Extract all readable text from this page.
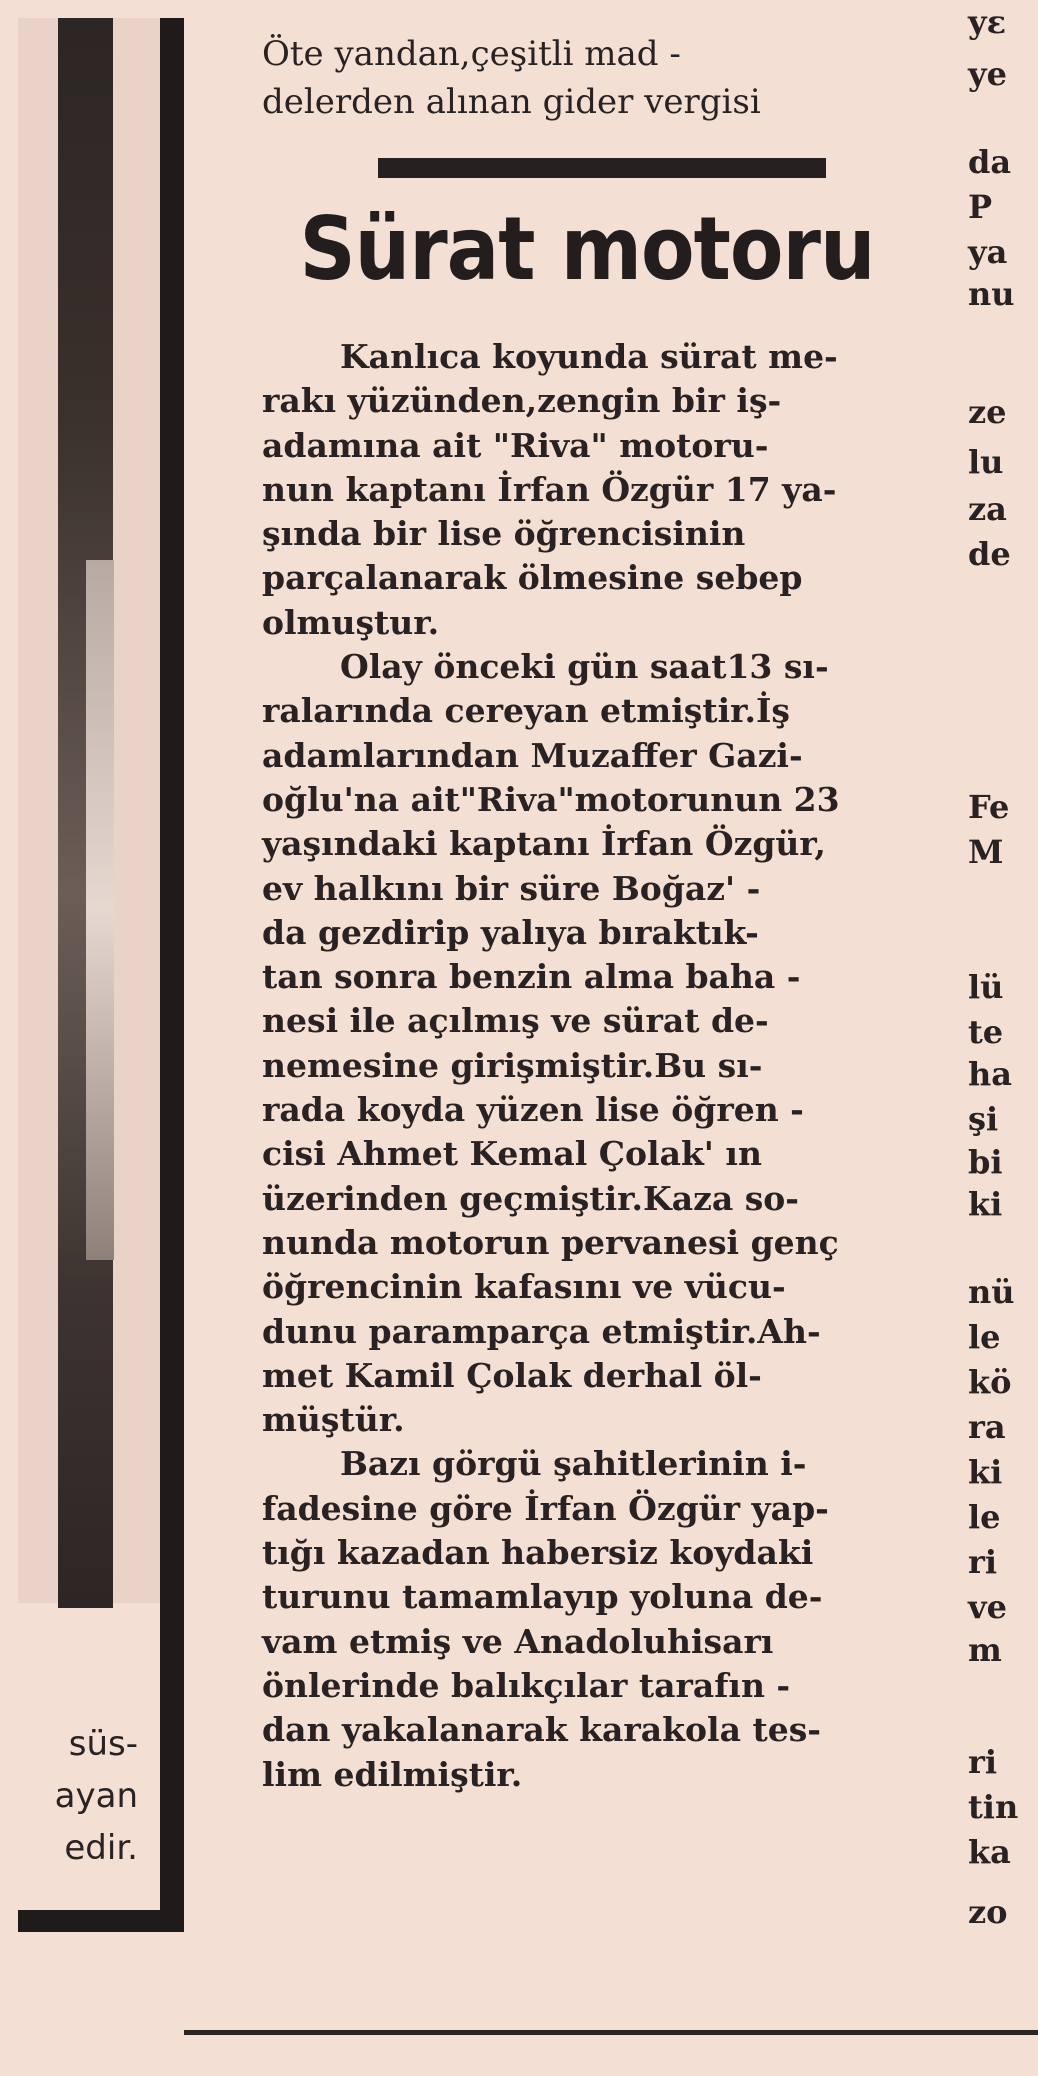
süs-
ayan
edir.
Öte yandan,çeşitli mad -
delerden alınan gider vergisi
Sürat motoru
Kanlıca koyunda sürat me-
rakı yüzünden,zengin bir iş-
adamına ait "Riva" motoru-
nun kaptanı İrfan Özgür 17 ya-
şında bir lise öğrencisinin
parçalanarak ölmesine sebep
olmuştur.
Olay önceki gün saat13 sı-
ralarında cereyan etmiştir.İş
adamlarından Muzaffer Gazi-
oğlu'na ait"Riva"motorunun 23
yaşındaki kaptanı İrfan Özgür,
ev halkını bir süre Boğaz' -
da gezdirip yalıya bıraktık-
tan sonra benzin alma baha -
nesi ile açılmış ve sürat de-
nemesine girişmiştir.Bu sı-
rada koyda yüzen lise öğren -
cisi Ahmet Kemal Çolak' ın
üzerinden geçmiştir.Kaza so-
nunda motorun pervanesi genç
öğrencinin kafasını ve vücu-
dunu paramparça etmiştir.Ah-
met Kamil Çolak derhal öl-
müştür.
Bazı görgü şahitlerinin i-
fadesine göre İrfan Özgür yap-
tığı kazadan habersiz koydaki
turunu tamamlayıp yoluna de-
vam etmiş ve Anadoluhisarı
önlerinde balıkçılar tarafın -
dan yakalanarak karakola tes-
lim edilmiştir.
yε
ye
da
P
ya
nu
ze
lu
za
de
Fe
M
lü
te
ha
şi
bi
ki
nü
le
kö
ra
ki
le
ri
ve
m
ri
tin
ka
zo
